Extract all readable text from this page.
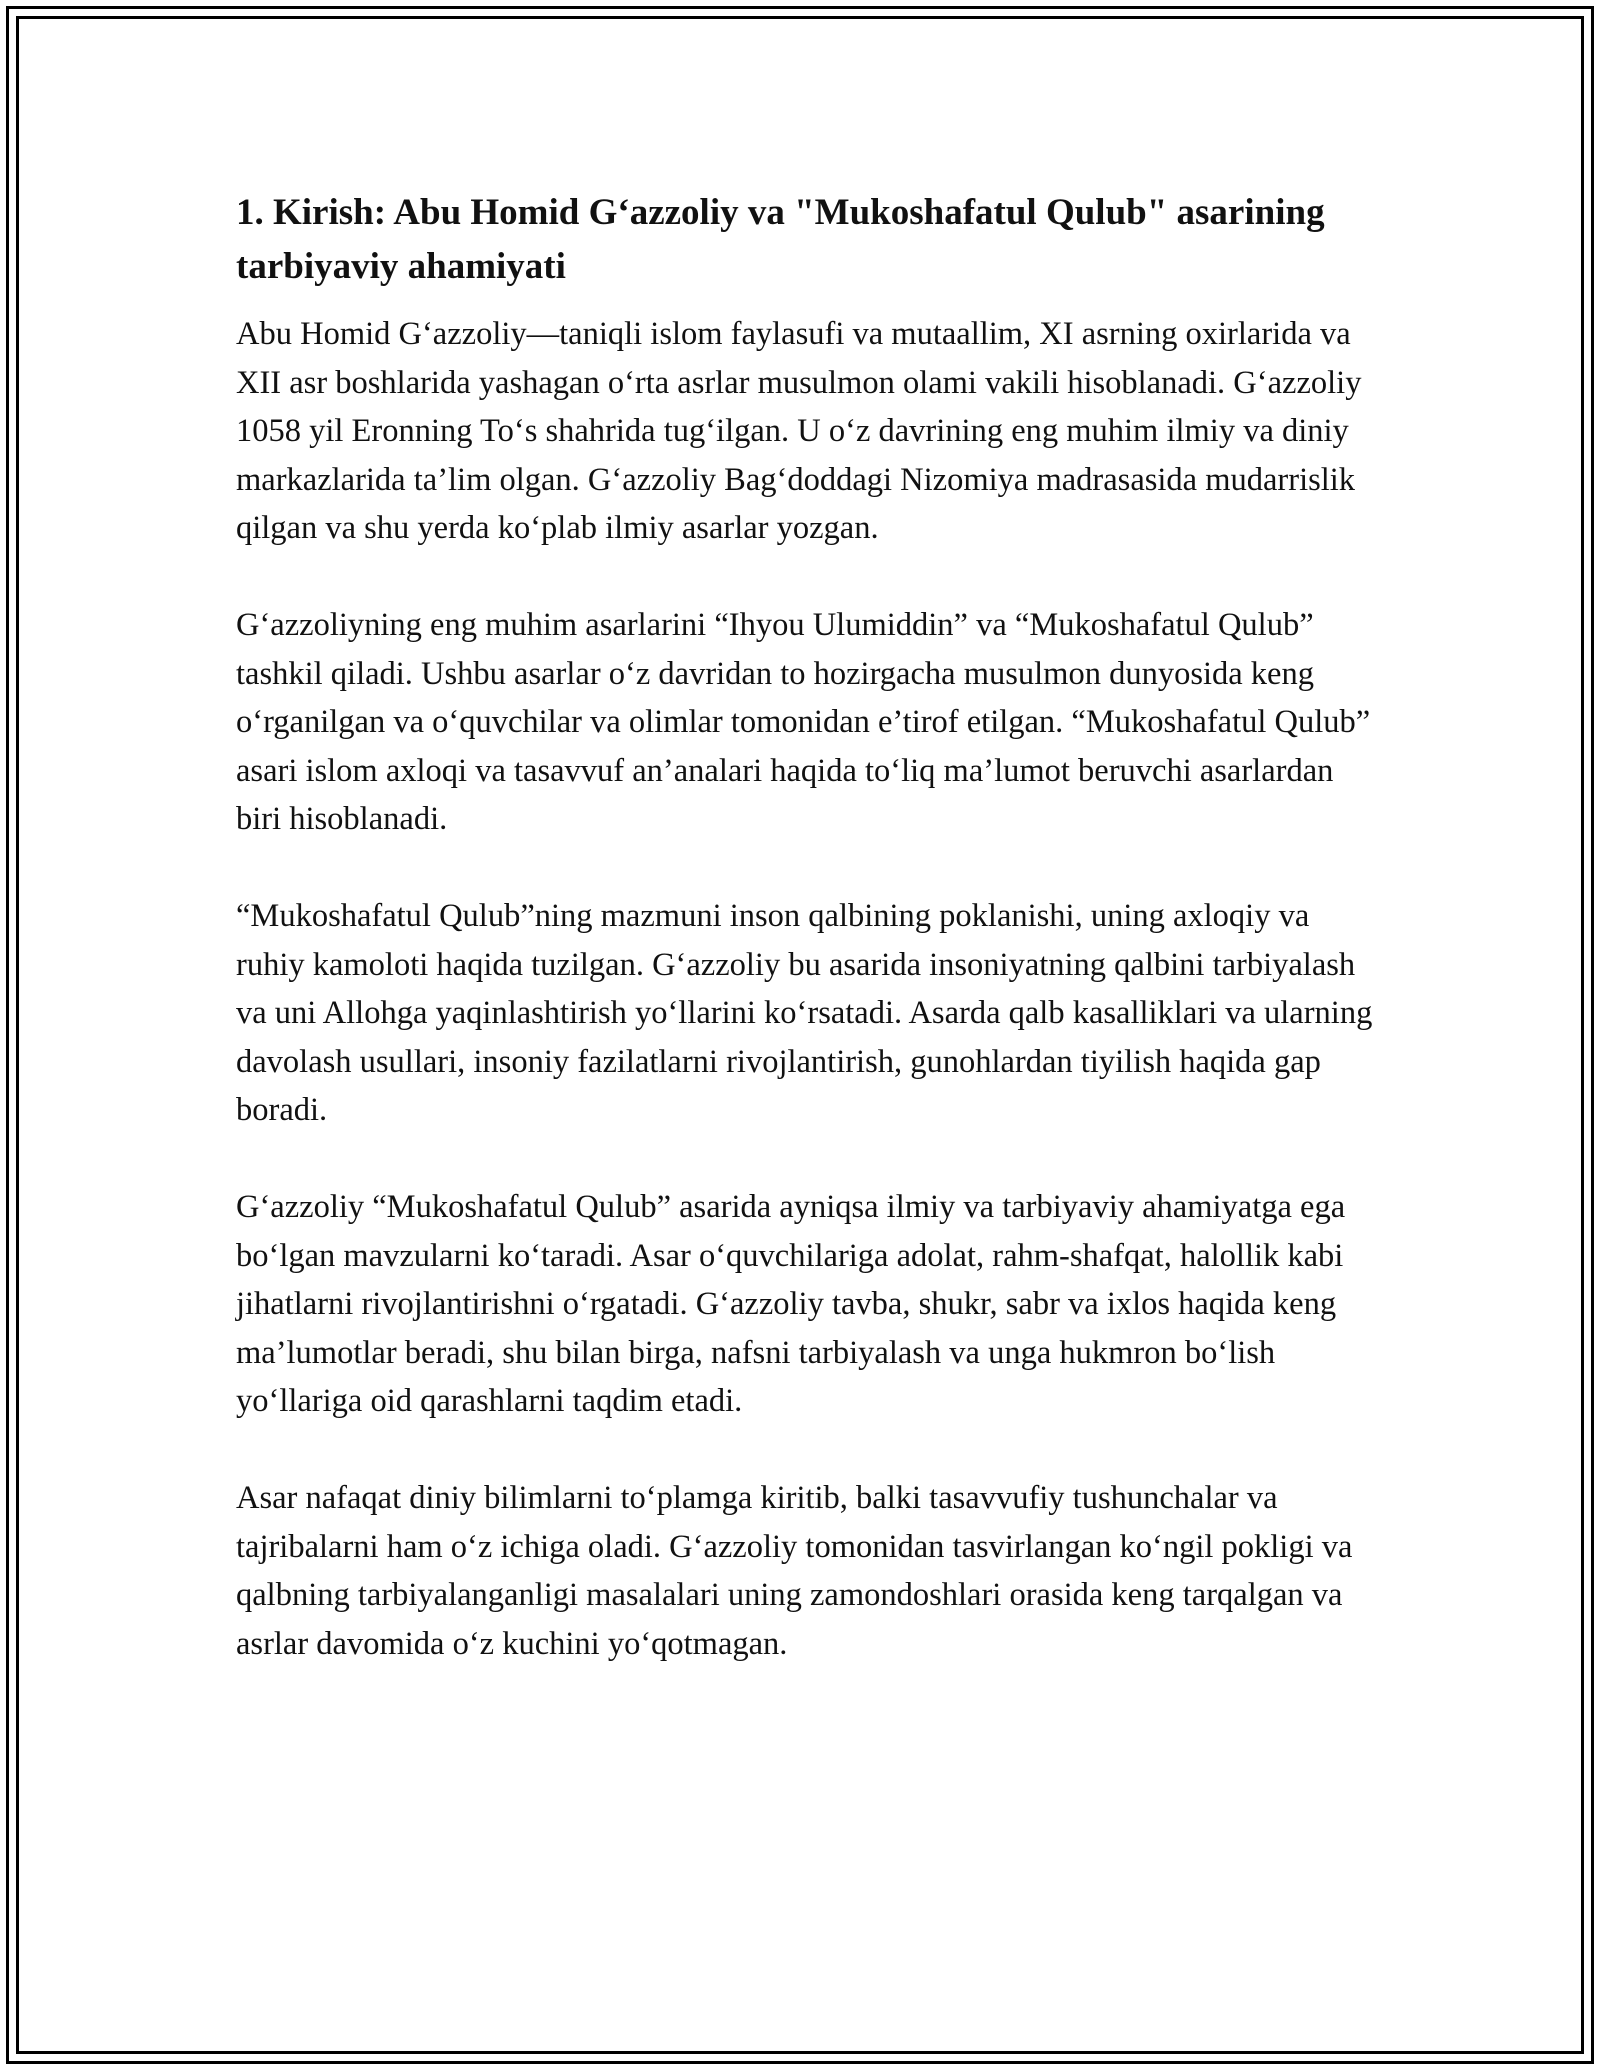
1. Kirish: Abu Homid G‘azzoliy va "Mukoshafatul Qulub" asarining tarbiyaviy ahamiyati

Abu Homid G‘azzoliy—taniqli islom faylasufi va mutaallim, XI asrning oxirlarida va XII asr boshlarida yashagan o‘rta asrlar musulmon olami vakili hisoblanadi. G‘azzoliy 1058 yil Eronning To‘s shahrida tug‘ilgan. U o‘z davrining eng muhim ilmiy va diniy markazlarida ta’lim olgan. G‘azzoliy Bag‘doddagi Nizomiya madrasasida mudarrislik qilgan va shu yerda ko‘plab ilmiy asarlar yozgan.

G‘azzoliyning eng muhim asarlarini “Ihyou Ulumiddin” va “Mukoshafatul Qulub” tashkil qiladi. Ushbu asarlar o‘z davridan to hozirgacha musulmon dunyosida keng o‘rganilgan va o‘quvchilar va olimlar tomonidan e’tirof etilgan. “Mukoshafatul Qulub” asari islom axloqi va tasavvuf an’analari haqida to‘liq ma’lumot beruvchi asarlardan biri hisoblanadi.

“Mukoshafatul Qulub”ning mazmuni inson qalbining poklanishi, uning axloqiy va ruhiy kamoloti haqida tuzilgan. G‘azzoliy bu asarida insoniyatning qalbini tarbiyalash va uni Allohga yaqinlashtirish yo‘llarini ko‘rsatadi. Asarda qalb kasalliklari va ularning davolash usullari, insoniy fazilatlarni rivojlantirish, gunohlardan tiyilish haqida gap boradi.

G‘azzoliy “Mukoshafatul Qulub” asarida ayniqsa ilmiy va tarbiyaviy ahamiyatga ega bo‘lgan mavzularni ko‘taradi. Asar o‘quvchilariga adolat, rahm-shafqat, halollik kabi jihatlarni rivojlantirishni o‘rgatadi. G‘azzoliy tavba, shukr, sabr va ixlos haqida keng ma’lumotlar beradi, shu bilan birga, nafsni tarbiyalash va unga hukmron bo‘lish yo‘llariga oid qarashlarni taqdim etadi.

Asar nafaqat diniy bilimlarni to‘plamga kiritib, balki tasavvufiy tushunchalar va tajribalarni ham o‘z ichiga oladi. G‘azzoliy tomonidan tasvirlangan ko‘ngil pokligi va qalbning tarbiyalanganligi masalalari uning zamondoshlari orasida keng tarqalgan va asrlar davomida o‘z kuchini yo‘qotmagan.
